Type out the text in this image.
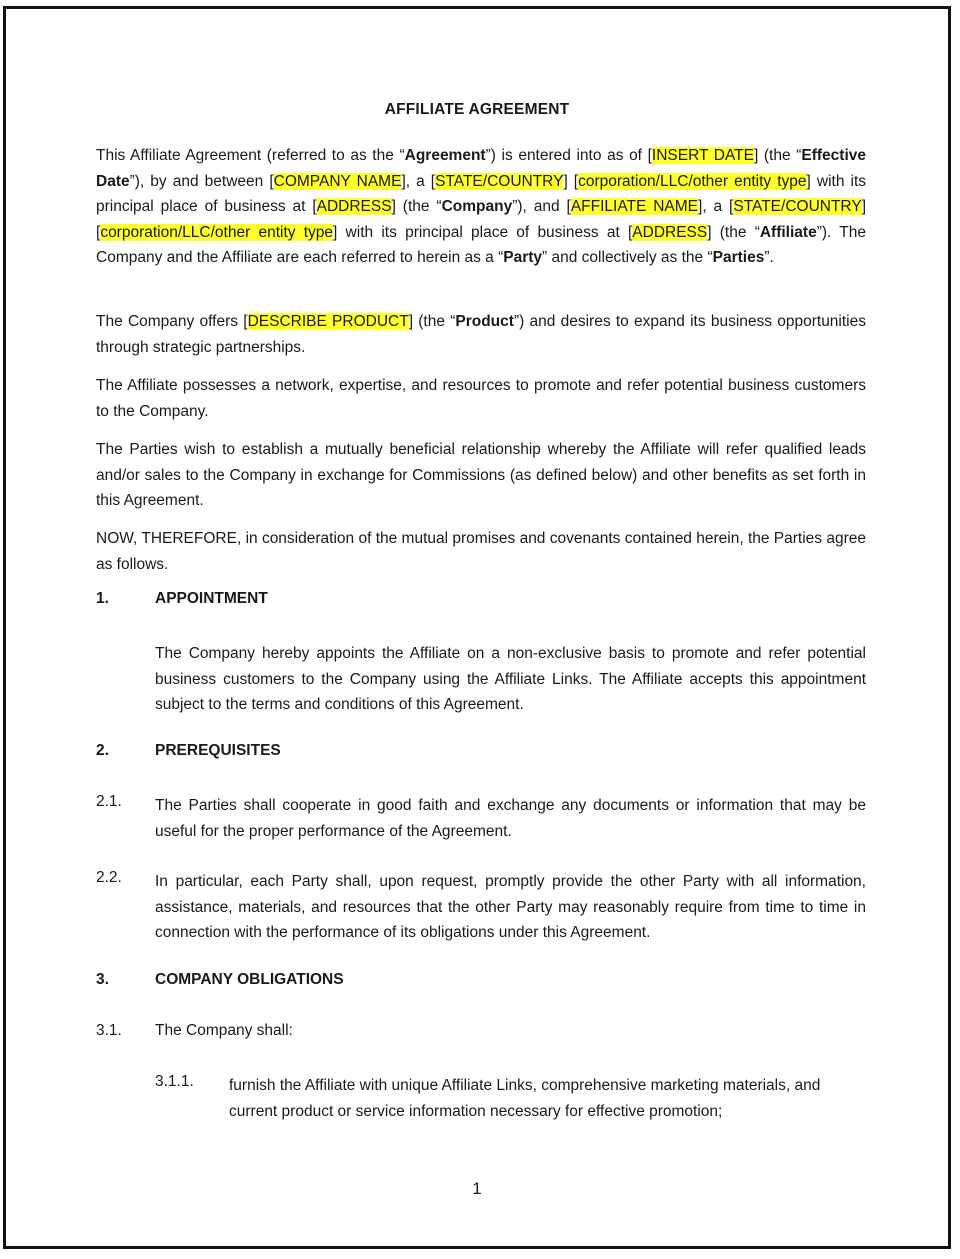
AFFILIATE AGREEMENT

This Affiliate Agreement (referred to as the “Agreement”) is entered into as of [INSERT DATE] (the “Effective Date”), by and between [COMPANY NAME], a [STATE/COUNTRY] [corporation/LLC/other entity type] with its principal place of business at [ADDRESS] (the “Company”), and [AFFILIATE NAME], a [STATE/COUNTRY] [corporation/LLC/other entity type] with its principal place of business at [ADDRESS] (the “Affiliate”). The Company and the Affiliate are each referred to herein as a “Party” and collectively as the “Parties”.

The Company offers [DESCRIBE PRODUCT] (the “Product”) and desires to expand its business opportunities through strategic partnerships.

The Affiliate possesses a network, expertise, and resources to promote and refer potential business customers to the Company.

The Parties wish to establish a mutually beneficial relationship whereby the Affiliate will refer qualified leads and/or sales to the Company in exchange for Commissions (as defined below) and other benefits as set forth in this Agreement.

NOW, THEREFORE, in consideration of the mutual promises and covenants contained herein, the Parties agree as follows.

1.	APPOINTMENT

The Company hereby appoints the Affiliate on a non-exclusive basis to promote and refer potential business customers to the Company using the Affiliate Links. The Affiliate accepts this appointment subject to the terms and conditions of this Agreement.

2.	PREREQUISITES
2.1. The Parties shall cooperate in good faith and exchange any documents or information that may be useful for the proper performance of the Agreement.

2.2. In particular, each Party shall, upon request, promptly provide the other Party with all information, assistance, materials, and resources that the other Party may reasonably require from time to time in connection with the performance of its obligations under this Agreement.

3.	COMPANY OBLIGATIONS
3.1. The Company shall:
3.1.1. furnish the Affiliate with unique Affiliate Links, comprehensive marketing materials, and current product or service information necessary for effective promotion;

1
